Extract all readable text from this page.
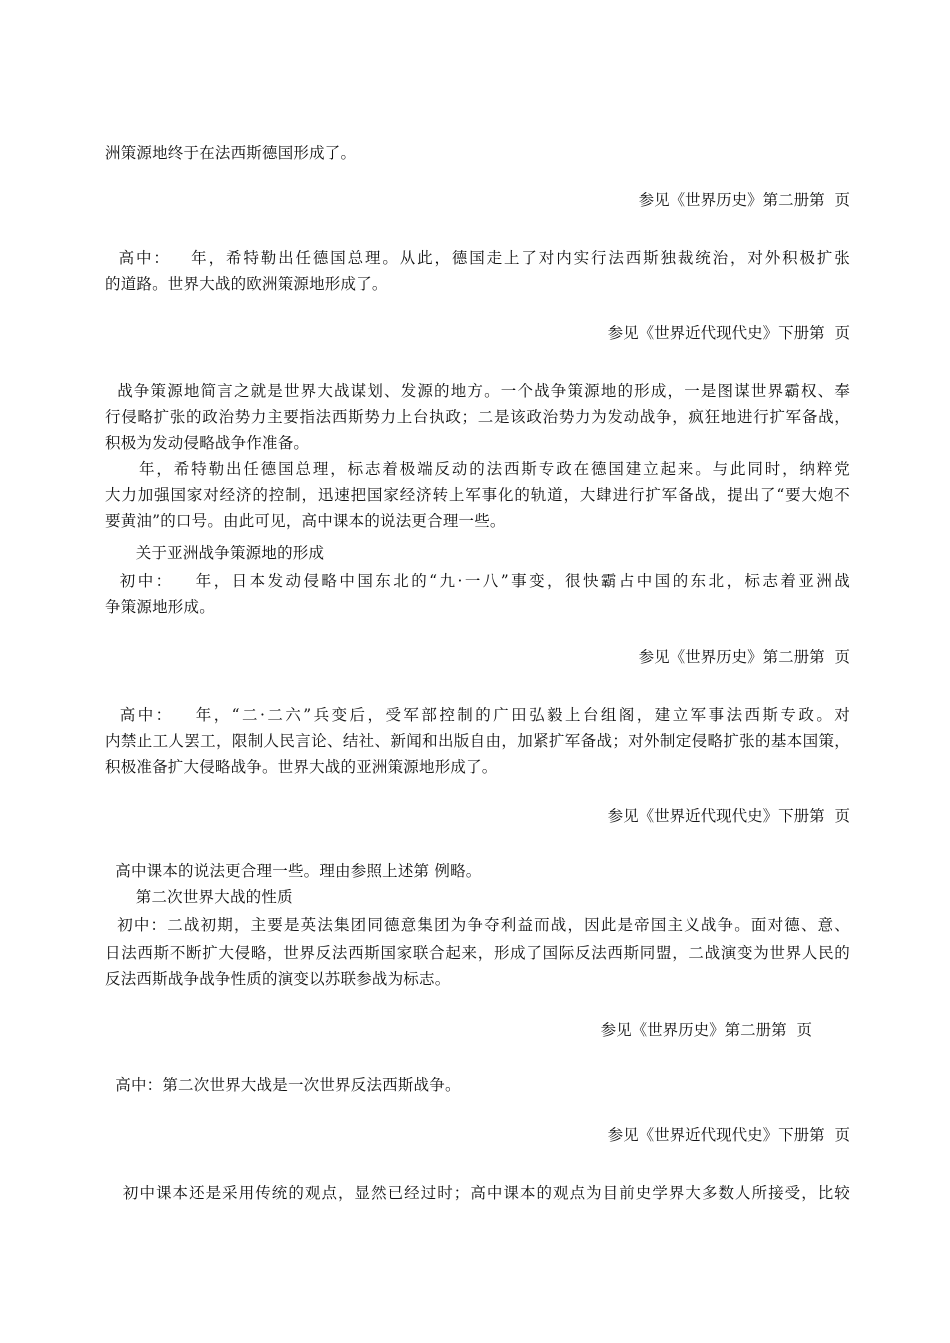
洲策源地终于在法西斯德国形成了。
参见《世界历史》第二册第  页
高中：   年，希特勒出任德国总理。从此，德国走上了对内实行法西斯独裁统治，对外积极扩张
的道路。世界大战的欧洲策源地形成了。
参见《世界近代现代史》下册第  页
战争策源地简言之就是世界大战谋划、发源的地方。一个战争策源地的形成，一是图谋世界霸权、奉
行侵略扩张的政治势力主要指法西斯势力上台执政；二是该政治势力为发动战争，疯狂地进行扩军备战，
积极为发动侵略战争作准备。
年，希特勒出任德国总理，标志着极端反动的法西斯专政在德国建立起来。与此同时，纳粹党
大力加强国家对经济的控制，迅速把国家经济转上军事化的轨道，大肆进行扩军备战，提出了“要大炮不
要黄油”的口号。由此可见，高中课本的说法更合理一些。
关于亚洲战争策源地的形成
初中：   年，日本发动侵略中国东北的“九·一八”事变，很快霸占中国的东北，标志着亚洲战
争策源地形成。
参见《世界历史》第二册第  页
高中：   年，“二·二六”兵变后，受军部控制的广田弘毅上台组阁，建立军事法西斯专政。对
内禁止工人罢工，限制人民言论、结社、新闻和出版自由，加紧扩军备战；对外制定侵略扩张的基本国策，
积极准备扩大侵略战争。世界大战的亚洲策源地形成了。
参见《世界近代现代史》下册第  页
高中课本的说法更合理一些。理由参照上述第 例略。
第二次世界大战的性质
初中：二战初期，主要是英法集团同德意集团为争夺利益而战，因此是帝国主义战争。面对德、意、
日法西斯不断扩大侵略，世界反法西斯国家联合起来，形成了国际反法西斯同盟，二战演变为世界人民的
反法西斯战争战争性质的演变以苏联参战为标志。
参见《世界历史》第二册第  页
高中：第二次世界大战是一次世界反法西斯战争。
参见《世界近代现代史》下册第  页
初中课本还是采用传统的观点，显然已经过时；高中课本的观点为目前史学界大多数人所接受，比较
